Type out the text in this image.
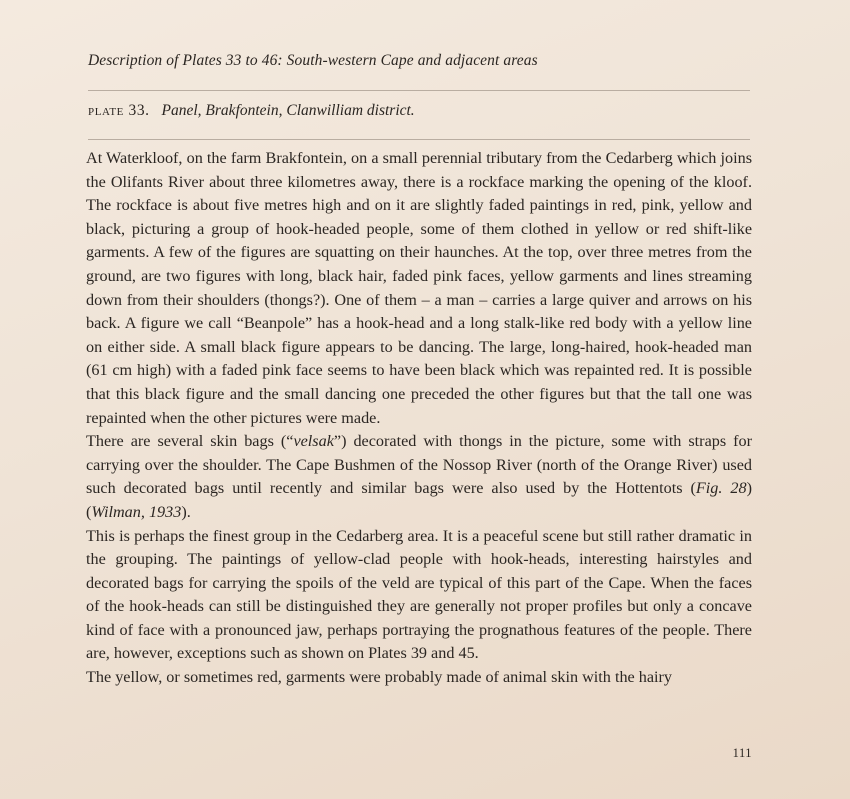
Description of Plates 33 to 46: South-western Cape and adjacent areas
plate 33. Panel, Brakfontein, Clanwilliam district.

At Waterkloof, on the farm Brakfontein, on a small perennial tributary from the Cedarberg which joins the Olifants River about three kilometres away, there is a rockface marking the opening of the kloof. The rockface is about five metres high and on it are slightly faded paintings in red, pink, yellow and black, picturing a group of hook-headed people, some of them clothed in yellow or red shift-like garments. A few of the figures are squatting on their haunches. At the top, over three metres from the ground, are two figures with long, black hair, faded pink faces, yellow garments and lines streaming down from their shoulders (thongs?). One of them – a man – carries a large quiver and arrows on his back. A figure we call “Beanpole” has a hook-head and a long stalk-like red body with a yellow line on either side. A small black figure appears to be dancing. The large, long-haired, hook-headed man (61 cm high) with a faded pink face seems to have been black which was repainted red. It is possible that this black figure and the small dancing one preceded the other figures but that the tall one was repainted when the other pictures were made.

There are several skin bags (“velsak”) decorated with thongs in the picture, some with straps for carrying over the shoulder. The Cape Bushmen of the Nossop River (north of the Orange River) used such decorated bags until recently and similar bags were also used by the Hottentots (Fig. 28) (Wilman, 1933).

This is perhaps the finest group in the Cedarberg area. It is a peaceful scene but still rather dramatic in the grouping. The paintings of yellow-clad people with hook-heads, interesting hairstyles and decorated bags for carrying the spoils of the veld are typical of this part of the Cape. When the faces of the hook-heads can still be distinguished they are generally not proper profiles but only a concave kind of face with a pronounced jaw, perhaps portraying the prognathous features of the people. There are, however, exceptions such as shown on Plates 39 and 45.

The yellow, or sometimes red, garments were probably made of animal skin with the hairy

111
